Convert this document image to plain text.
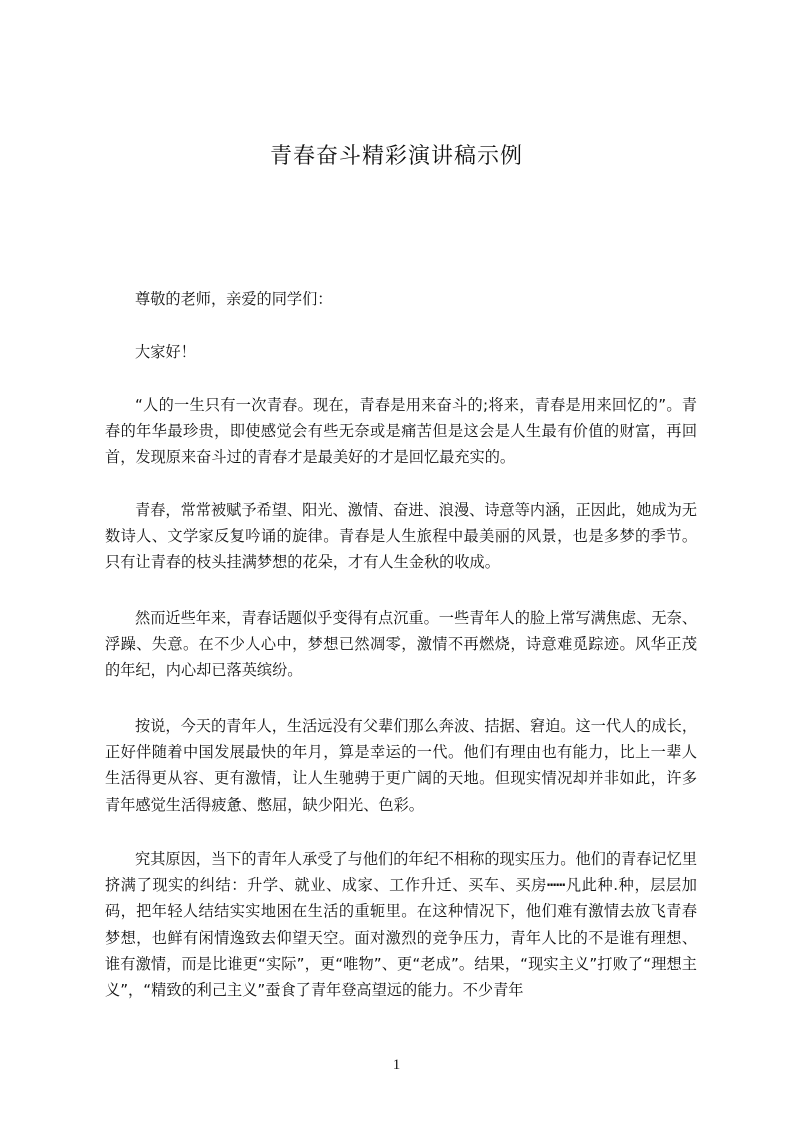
青春奋斗精彩演讲稿示例

尊敬的老师，亲爱的同学们：

大家好！

“人的一生只有一次青春。现在，青春是用来奋斗的;将来，青春是用来回忆的”。青春的年华最珍贵，即使感觉会有些无奈或是痛苦但是这会是人生最有价值的财富，再回首，发现原来奋斗过的青春才是最美好的才是回忆最充实的。

青春，常常被赋予希望、阳光、激情、奋进、浪漫、诗意等内涵，正因此，她成为无数诗人、文学家反复吟诵的旋律。青春是人生旅程中最美丽的风景，也是多梦的季节。只有让青春的枝头挂满梦想的花朵，才有人生金秋的收成。

然而近些年来，青春话题似乎变得有点沉重。一些青年人的脸上常写满焦虑、无奈、浮躁、失意。在不少人心中，梦想已然凋零，激情不再燃烧，诗意难觅踪迹。风华正茂的年纪，内心却已落英缤纷。

按说，今天的青年人，生活远没有父辈们那么奔波、拮据、窘迫。这一代人的成长，正好伴随着中国发展最快的年月，算是幸运的一代。他们有理由也有能力，比上一辈人生活得更从容、更有激情，让人生驰骋于更广阔的天地。但现实情况却并非如此，许多青年感觉生活得疲惫、憋屈，缺少阳光、色彩。

究其原因，当下的青年人承受了与他们的年纪不相称的现实压力。他们的青春记忆里挤满了现实的纠结：升学、就业、成家、工作升迁、买车、买房┅┅凡此种.种，层层加码，把年轻人结结实实地困在生活的重轭里。在这种情况下，他们难有激情去放飞青春梦想，也鲜有闲情逸致去仰望天空。面对激烈的竞争压力，青年人比的不是谁有理想、谁有激情，而是比谁更“实际”，更“唯物”、更“老成”。结果，“现实主义”打败了“理想主义”，“精致的利己主义”蚕食了青年登高望远的能力。不少青年

1
